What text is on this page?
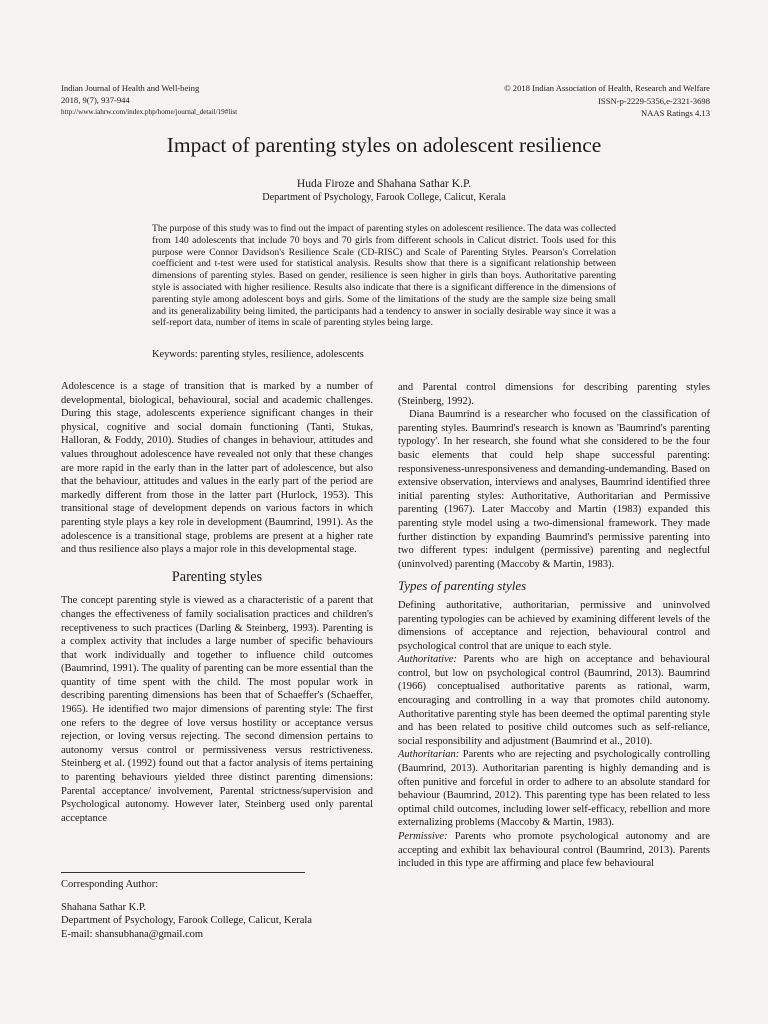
Indian Journal of Health and Well-being
2018, 9(7), 937-944
http://www.iahrw.com/index.php/home/journal_detail/19#list
© 2018 Indian Association of Health, Research and Welfare
ISSN-p-2229-5356,e-2321-3698
NAAS Ratings 4.13
Impact of parenting styles on adolescent resilience
Huda Firoze and Shahana Sathar K.P.
Department of Psychology, Farook College, Calicut, Kerala

The purpose of this study was to find out the impact of parenting styles on adolescent resilience. The data was collected from 140 adolescents that include 70 boys and 70 girls from different schools in Calicut district. Tools used for this purpose were Connor Davidson's Resilience Scale (CD-RISC) and Scale of Parenting Styles. Pearson's Correlation coefficient and t-test were used for statistical analysis. Results show that there is a significant relationship between dimensions of parenting styles. Based on gender, resilience is seen higher in girls than boys. Authoritative parenting style is associated with higher resilience. Results also indicate that there is a significant difference in the dimensions of parenting style among adolescent boys and girls. Some of the limitations of the study are the sample size being small and its generalizability being limited, the participants had a tendency to answer in socially desirable way since it was a self-report data, number of items in scale of parenting styles being large.

Keywords: parenting styles, resilience, adolescents

Adolescence is a stage of transition that is marked by a number of developmental, biological, behavioural, social and academic challenges. During this stage, adolescents experience significant changes in their physical, cognitive and social domain functioning (Tanti, Stukas, Halloran, & Foddy, 2010). Studies of changes in behaviour, attitudes and values throughout adolescence have revealed not only that these changes are more rapid in the early than in the latter part of adolescence, but also that the behaviour, attitudes and values in the early part of the period are markedly different from those in the latter part (Hurlock, 1953). This transitional stage of development depends on various factors in which parenting style plays a key role in development (Baumrind, 1991). As the adolescence is a transitional stage, problems are present at a higher rate and thus resilience also plays a major role in this developmental stage.

Parenting styles

The concept parenting style is viewed as a characteristic of a parent that changes the effectiveness of family socialisation practices and children's receptiveness to such practices (Darling & Steinberg, 1993). Parenting is a complex activity that includes a large number of specific behaviours that work individually and together to influence child outcomes (Baumrind, 1991). The quality of parenting can be more essential than the quantity of time spent with the child. The most popular work in describing parenting dimensions has been that of Schaeffer's (Schaeffer, 1965). He identified two major dimensions of parenting style: The first one refers to the degree of love versus hostility or acceptance versus rejection, or loving versus rejecting. The second dimension pertains to autonomy versus control or permissiveness versus restrictiveness. Steinberg et al. (1992) found out that a factor analysis of items pertaining to parenting behaviours yielded three distinct parenting dimensions: Parental acceptance/ involvement, Parental strictness/supervision and Psychological autonomy. However later, Steinberg used only parental acceptance

and Parental control dimensions for describing parenting styles (Steinberg, 1992).

Diana Baumrind is a researcher who focused on the classification of parenting styles. Baumrind's research is known as 'Baumrind's parenting typology'. In her research, she found what she considered to be the four basic elements that could help shape successful parenting: responsiveness-unresponsiveness and demanding-undemanding. Based on extensive observation, interviews and analyses, Baumrind identified three initial parenting styles: Authoritative, Authoritarian and Permissive parenting (1967). Later Maccoby and Martin (1983) expanded this parenting style model using a two-dimensional framework. They made further distinction by expanding Baumrind's permissive parenting into two different types: indulgent (permissive) parenting and neglectful (uninvolved) parenting (Maccoby & Martin, 1983).

Types of parenting styles

Defining authoritative, authoritarian, permissive and uninvolved parenting typologies can be achieved by examining different levels of the dimensions of acceptance and rejection, behavioural control and psychological control that are unique to each style.

Authoritative: Parents who are high on acceptance and behavioural control, but low on psychological control (Baumrind, 2013). Baumrind (1966) conceptualised authoritative parents as rational, warm, encouraging and controlling in a way that promotes child autonomy. Authoritative parenting style has been deemed the optimal parenting style and has been related to positive child outcomes such as self-reliance, social responsibility and adjustment (Baumrind et al., 2010).

Authoritarian: Parents who are rejecting and psychologically controlling (Baumrind, 2013). Authoritarian parenting is highly demanding and is often punitive and forceful in order to adhere to an absolute standard for behaviour (Baumrind, 2012). This parenting type has been related to less optimal child outcomes, including lower self-efficacy, rebellion and more externalizing problems (Maccoby & Martin, 1983).

Permissive: Parents who promote psychological autonomy and are accepting and exhibit lax behavioural control (Baumrind, 2013). Parents included in this type are affirming and place few behavioural

Corresponding Author:
Shahana Sathar K.P.
Department of Psychology, Farook College, Calicut, Kerala
E-mail: shansubhana@gmail.com
